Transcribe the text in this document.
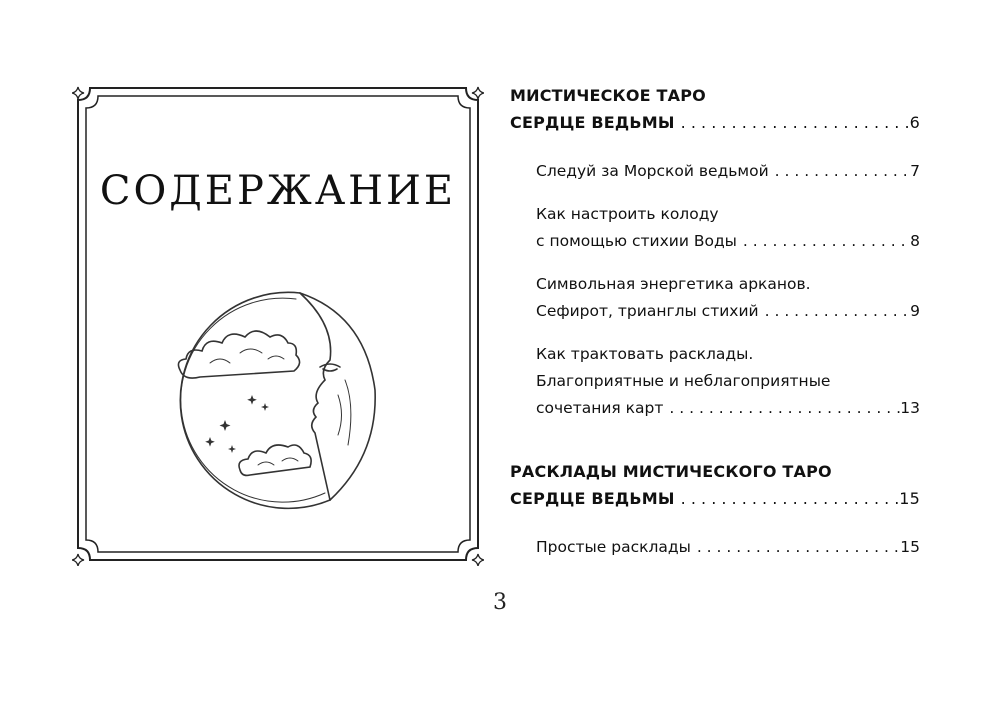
СОДЕРЖАНИЕ
МИСТИЧЕСКОЕ ТАРО
СЕРДЦЕ ВЕДЬМЫ . . .	6
Следуй за Морской ведьмой . . .	7
Как настроить колоду
с помощью стихии Воды . . .	8
Символьная энергетика арканов.
Сефирот, трианглы стихий . . .	9
Как трактовать расклады.
Благоприятные и неблагоприятные
сочетания карт . . .	13
РАСКЛАДЫ МИСТИЧЕСКОГО ТАРО
СЕРДЦЕ ВЕДЬМЫ . . .	15
Простые расклады . . .	15
3
